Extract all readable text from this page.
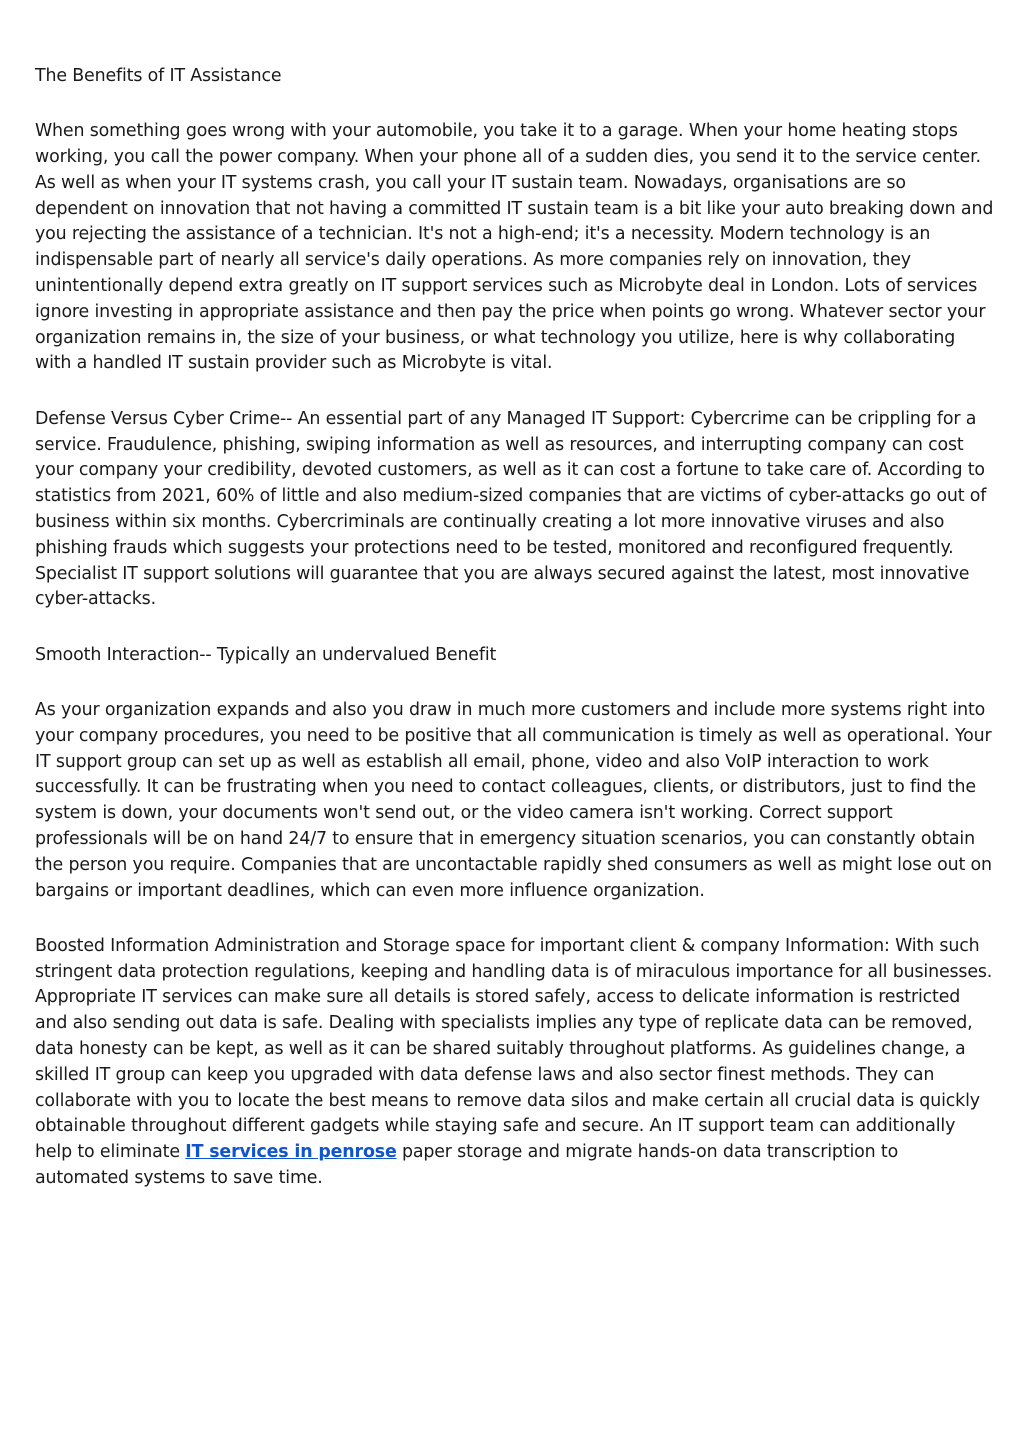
The Benefits of IT Assistance

When something goes wrong with your automobile, you take it to a garage. When your home heating stops working, you call the power company. When your phone all of a sudden dies, you send it to the service center. As well as when your IT systems crash, you call your IT sustain team. Nowadays, organisations are so dependent on innovation that not having a committed IT sustain team is a bit like your auto breaking down and you rejecting the assistance of a technician. It's not a high-end; it's a necessity. Modern technology is an indispensable part of nearly all service's daily operations. As more companies rely on innovation, they unintentionally depend extra greatly on IT support services such as Microbyte deal in London. Lots of services ignore investing in appropriate assistance and then pay the price when points go wrong. Whatever sector your organization remains in, the size of your business, or what technology you utilize, here is why collaborating with a handled IT sustain provider such as Microbyte is vital.

Defense Versus Cyber Crime-- An essential part of any Managed IT Support: Cybercrime can be crippling for a service. Fraudulence, phishing, swiping information as well as resources, and interrupting company can cost your company your credibility, devoted customers, as well as it can cost a fortune to take care of. According to statistics from 2021, 60% of little and also medium-sized companies that are victims of cyber-attacks go out of business within six months. Cybercriminals are continually creating a lot more innovative viruses and also phishing frauds which suggests your protections need to be tested, monitored and reconfigured frequently. Specialist IT support solutions will guarantee that you are always secured against the latest, most innovative cyber-attacks.

Smooth Interaction-- Typically an undervalued Benefit

As your organization expands and also you draw in much more customers and include more systems right into your company procedures, you need to be positive that all communication is timely as well as operational. Your IT support group can set up as well as establish all email, phone, video and also VoIP interaction to work successfully. It can be frustrating when you need to contact colleagues, clients, or distributors, just to find the system is down, your documents won't send out, or the video camera isn't working. Correct support professionals will be on hand 24/7 to ensure that in emergency situation scenarios, you can constantly obtain the person you require. Companies that are uncontactable rapidly shed consumers as well as might lose out on bargains or important deadlines, which can even more influence organization.

Boosted Information Administration and Storage space for important client & company Information: With such stringent data protection regulations, keeping and handling data is of miraculous importance for all businesses. Appropriate IT services can make sure all details is stored safely, access to delicate information is restricted and also sending out data is safe. Dealing with specialists implies any type of replicate data can be removed, data honesty can be kept, as well as it can be shared suitably throughout platforms. As guidelines change, a skilled IT group can keep you upgraded with data defense laws and also sector finest methods. They can collaborate with you to locate the best means to remove data silos and make certain all crucial data is quickly obtainable throughout different gadgets while staying safe and secure. An IT support team can additionally help to eliminate IT services in penrose paper storage and migrate hands-on data transcription to automated systems to save time.
